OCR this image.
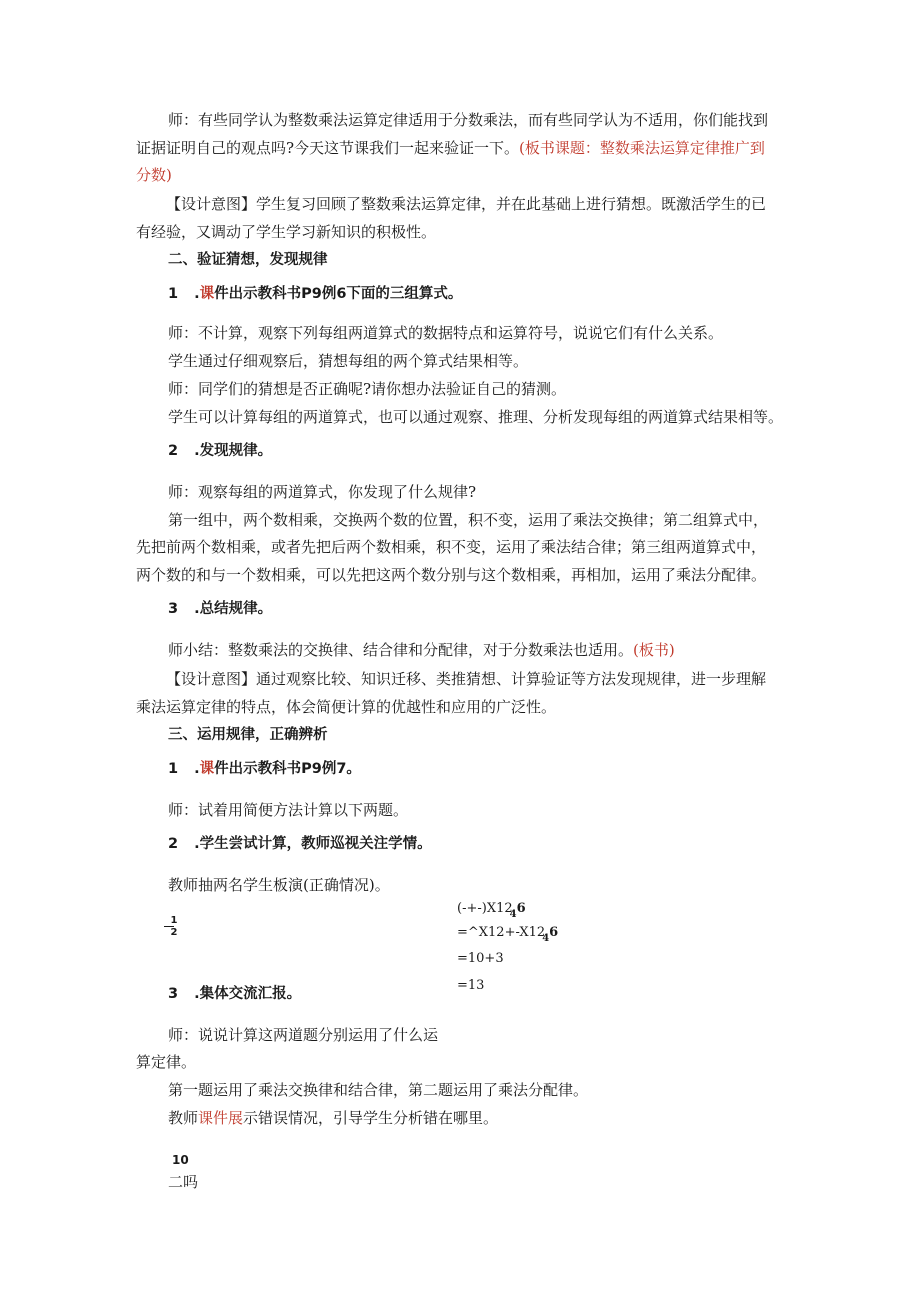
师：有些同学认为整数乘法运算定律适用于分数乘法，而有些同学认为不适用，你们能找到
证据证明自己的观点吗?今天这节课我们一起来验证一下。(板书课题：整数乘法运算定律推广到
分数)
【设计意图】学生复习回顾了整数乘法运算定律，并在此基础上进行猜想。既激活学生的已
有经验，又调动了学生学习新知识的积极性。
二、验证猜想，发现规律
1 .课件出示教科书P9例6下面的三组算式。
师：不计算，观察下列每组两道算式的数据特点和运算符号，说说它们有什么关系。
学生通过仔细观察后，猜想每组的两个算式结果相等。
师：同学们的猜想是否正确呢?请你想办法验证自己的猜测。
学生可以计算每组的两道算式，也可以通过观察、推理、分析发现每组的两道算式结果相等。
2 .发现规律。
师：观察每组的两道算式，你发现了什么规律?
第一组中，两个数相乘，交换两个数的位置，积不变，运用了乘法交换律；第二组算式中，
先把前两个数相乘，或者先把后两个数相乘，积不变，运用了乘法结合律；第三组两道算式中，
两个数的和与一个数相乘，可以先把这两个数分别与这个数相乘，再相加，运用了乘法分配律。
3 .总结规律。
师小结：整数乘法的交换律、结合律和分配律，对于分数乘法也适用。(板书)
【设计意图】通过观察比较、知识迁移、类推猜想、计算验证等方法发现规律，进一步理解
乘法运算定律的特点，体会简便计算的优越性和应用的广泛性。
三、运用规律，正确辨析
1 .课件出示教科书P9例7。
师：试着用简便方法计算以下两题。
2 .学生尝试计算，教师巡视关注学情。
教师抽两名学生板演(正确情况)。
1
2
$(-+-)X12_46$
$=\^{}X12+-X12_46$
=10+3
=13
3 .集体交流汇报。
师：说说计算这两道题分别运用了什么运
算定律。
第一题运用了乘法交换律和结合律，第二题运用了乘法分配律。
教师课件展示错误情况，引导学生分析错在哪里。
10
二吗
